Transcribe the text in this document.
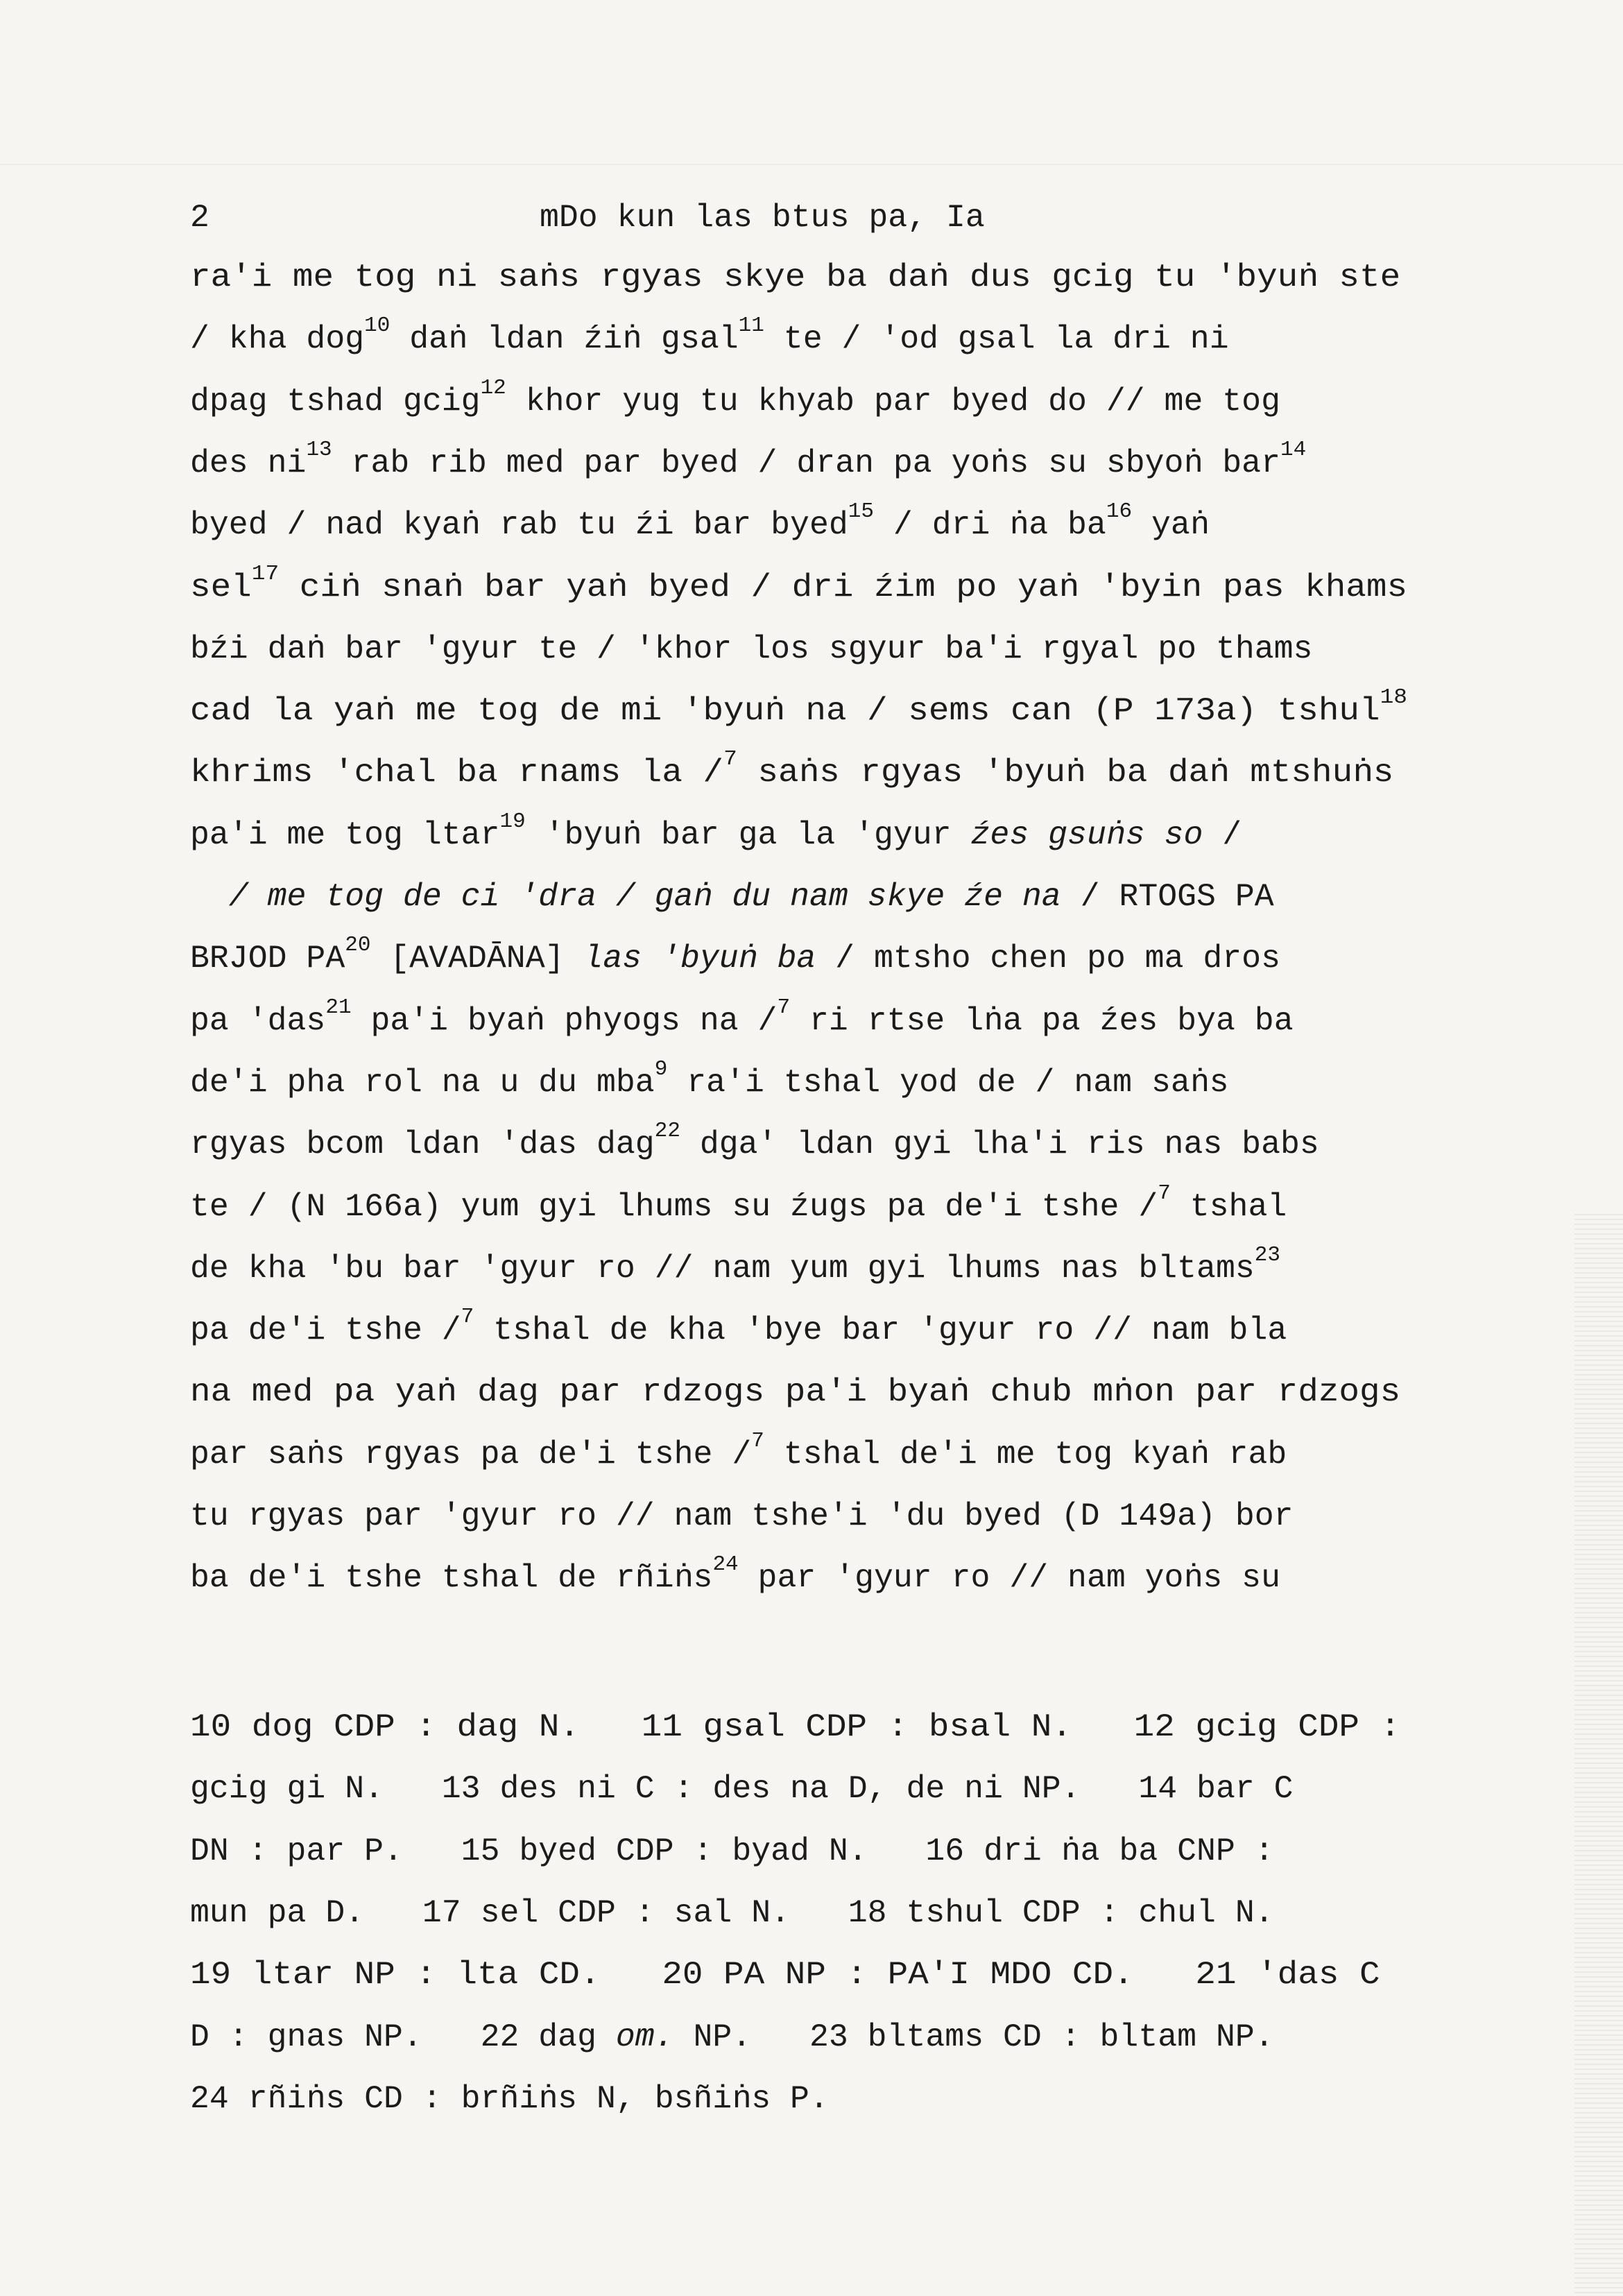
2	mDo kun las btus pa, Ia
ra'i me tog ni saṅs rgyas skye ba daṅ dus gcig tu 'byuṅ ste
/ kha dog$^{10}$ daṅ ldan źiṅ gsal$^{11}$ te / 'od gsal la dri ni
dpag tshad gcig$^{12}$ khor yug tu khyab par byed do // me tog
des $ni^{13}$ rab rib med par byed / dran pa yoṅs su sbyoṅ bar$^{14}$
byed / nad kyaṅ rab tu źi bar byed$^{15}$ / dri ṅa $ba^{16}$ yaṅ
sel$^{17}$ ciṅ snaṅ bar yaṅ byed / dri źim po yaṅ 'byin pas khams
bźi daṅ bar 'gyur te / 'khor los sgyur ba'i rgyal po thams
cad la yaṅ me tog de mi 'byuṅ na / sems can (P 173a) tshul$^{18}$
khrims 'chal ba rnams la /$^7$ saṅs rgyas 'byuṅ ba daṅ mtshuṅs
pa'i me tog ltar$^{19}$ 'byuṅ bar ga la 'gyur źes gsuṅs so /
/ me tog de ci 'dra / gaṅ du nam skye źe na / RTOGS PA
BRJOD PA$^{20}$ [AVADĀNA] las 'byuṅ ba / mtsho chen po ma dros
pa 'das$^{21}$ pa'i byaṅ phyogs na /$^7$ ri rtse lṅa pa źes bya ba
de'i pha rol na u du mba$^9$ ra'i tshal yod de / nam saṅs
rgyas bcom ldan 'das dag$^{22}$ dga' ldan gyi lha'i ris nas babs
te / (N 166a) yum gyi lhums su źugs pa de'i tshe /$^7$ tshal
de kha 'bu bar 'gyur ro // nam yum gyi lhums nas bltams$^{23}$
pa de'i tshe /$^7$ tshal de kha 'bye bar 'gyur ro // nam bla
na med pa yaṅ dag par rdzogs pa'i byaṅ chub mṅon par rdzogs
par saṅs rgyas pa de'i tshe /$^7$ tshal de'i me tog kyaṅ rab
tu rgyas par 'gyur ro // nam tshe'i 'du byed (D 149a) bor
ba de'i tshe tshal de rñiṅs$^{24}$ par 'gyur ro // nam yoṅs su
10 dog CDP : dag N.   11 gsal CDP : bsal N.   12 gcig CDP :
gcig gi N.   13 des ni C : des na D, de ni NP.   14 bar C
DN : par P.   15 byed CDP : byad N.   16 dri ṅa ba CNP :
mun pa D.   17 sel CDP : sal N.   18 tshul CDP : chul N.
19 ltar NP : lta CD.   20 PA NP : PA'I MDO CD.   21 'das C
D : gnas NP.   22 dag om. NP.   23 bltams CD : bltam NP.
24 rñiṅs CD : brñiṅs N, bsñiṅs P.
